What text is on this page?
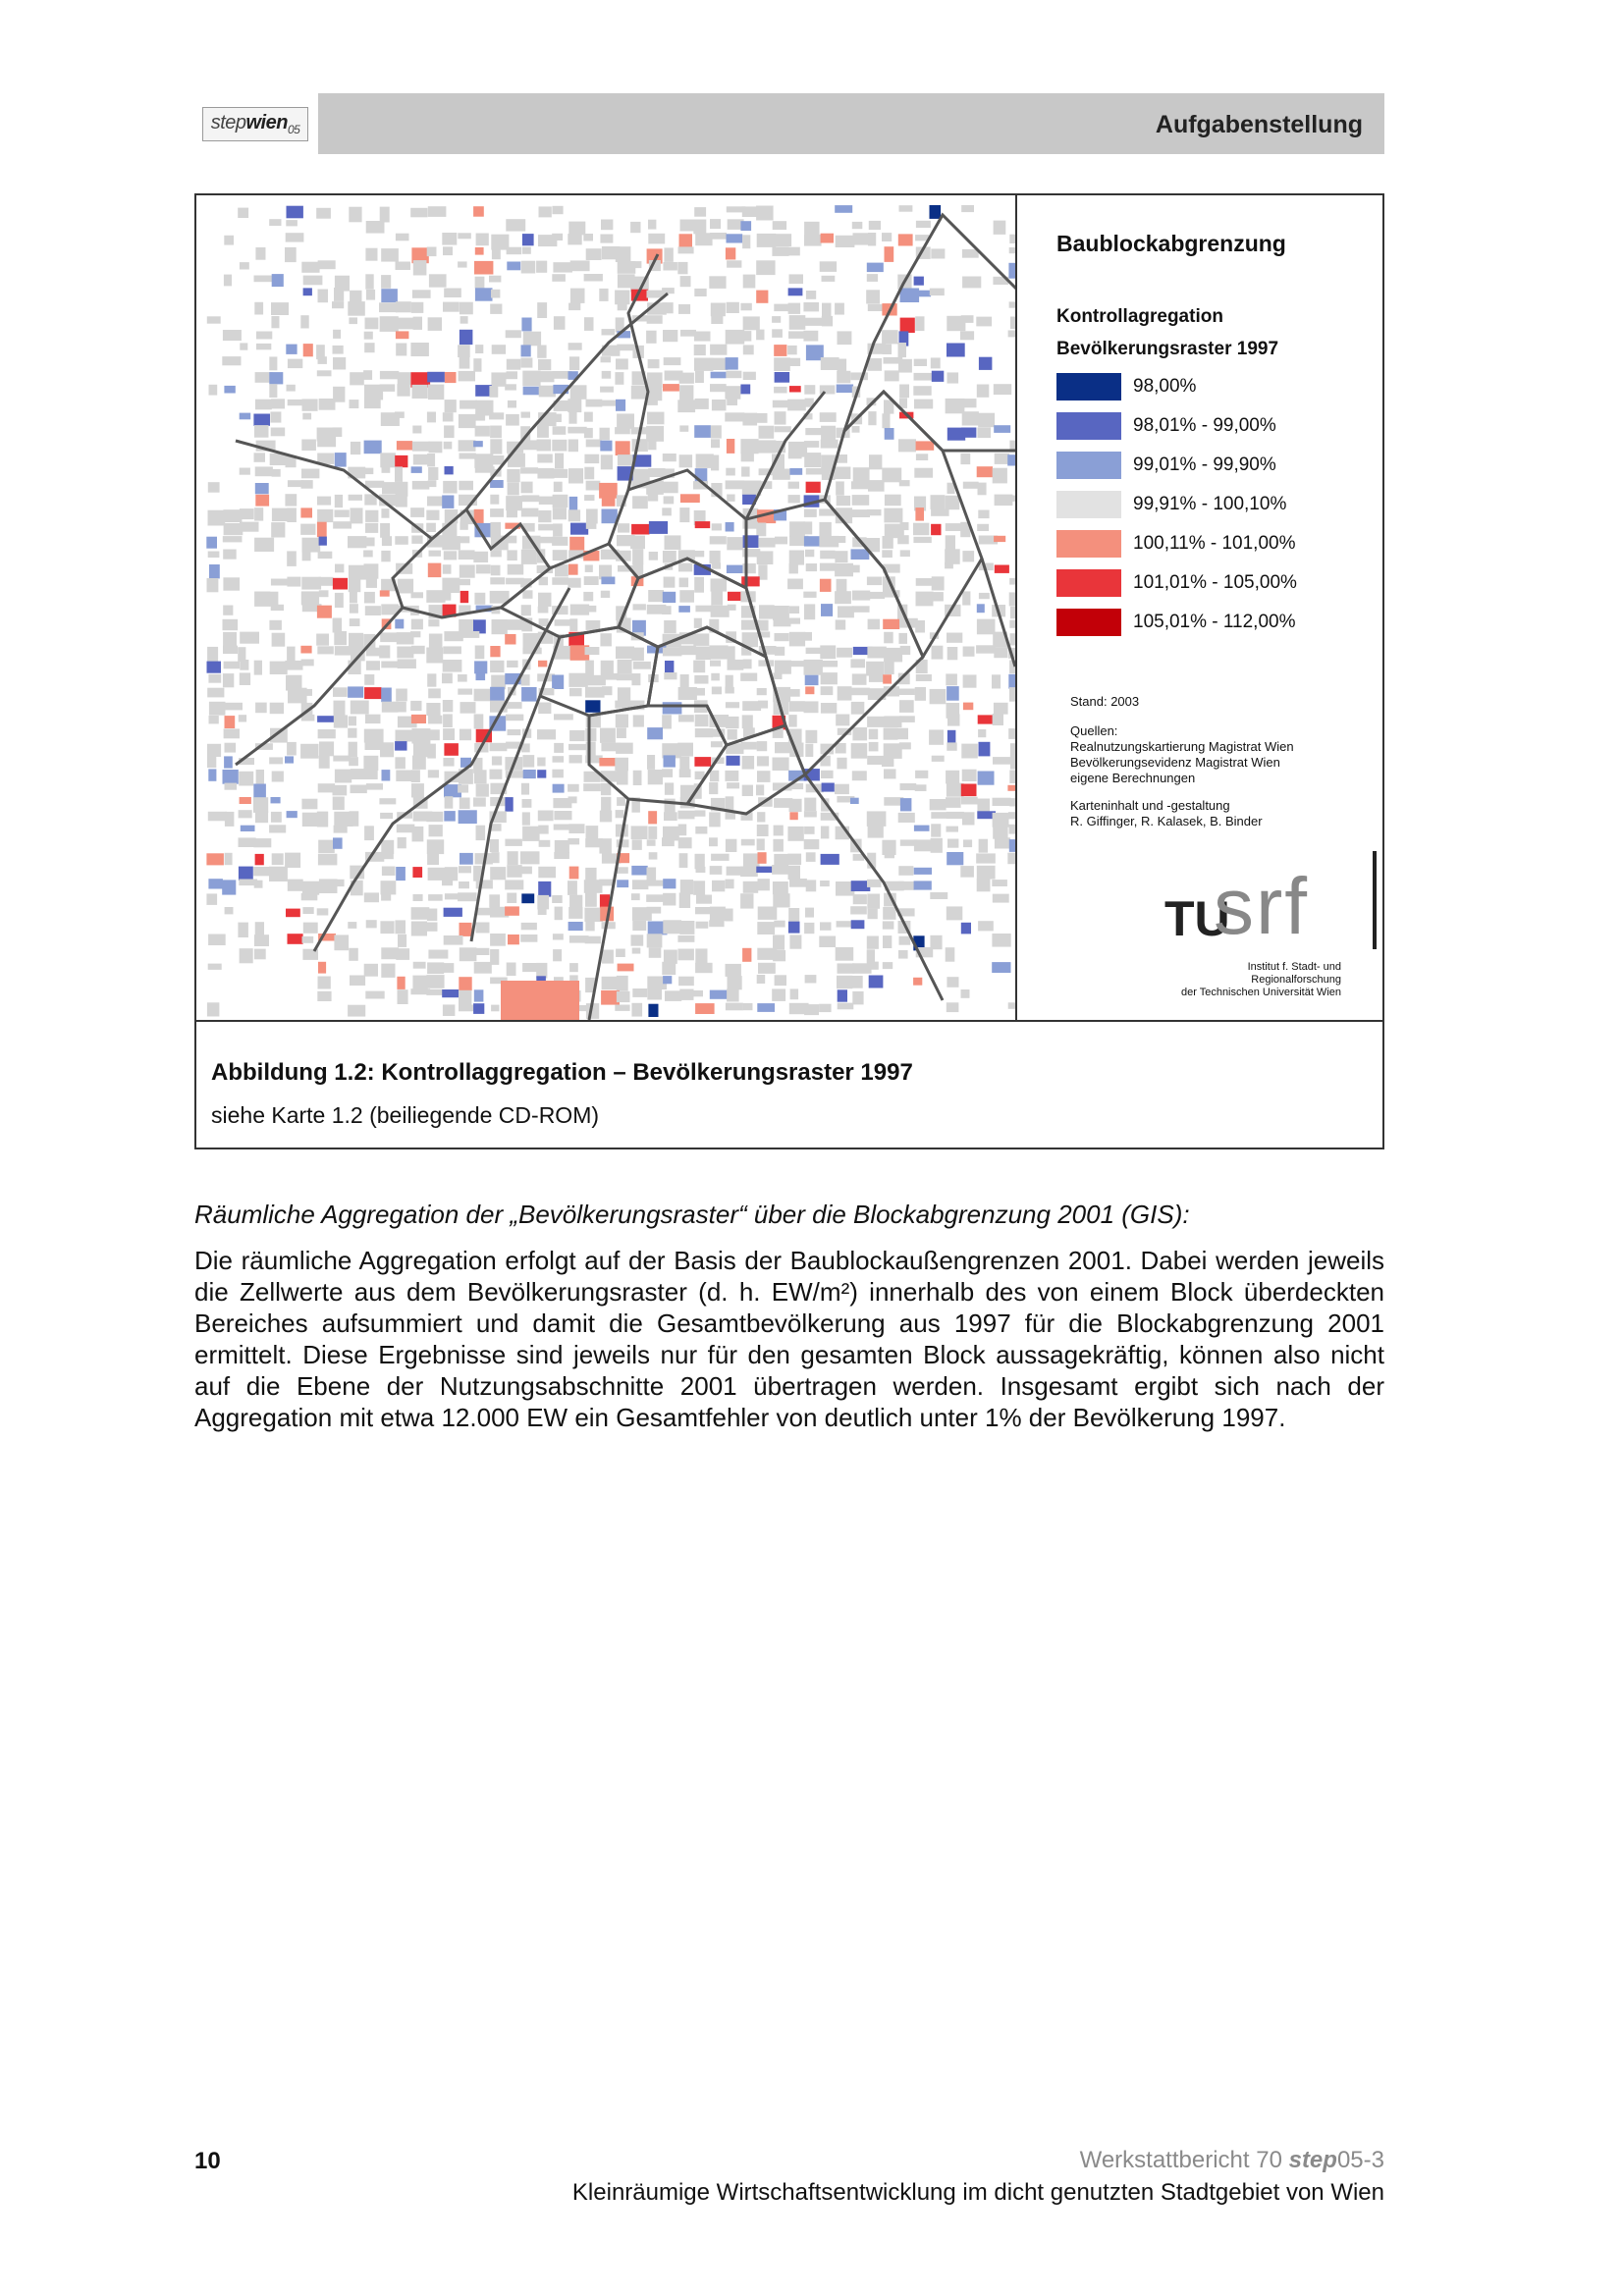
stepwien$_{05}$	Aufgabenstellung
Baublockabgrenzung
Kontrollagregation
Bevölkerungsraster 1997
98,00%
98,01% - 99,00%
99,01% - 99,90%
99,91% - 100,10%
100,11% - 101,00%
101,01% - 105,00%
105,01% - 112,00%
Stand: 2003
Quellen:
Realnutzungskartierung Magistrat Wien
Bevölkerungsevidenz Magistrat Wien
eigene Berechnungen
Karteninhalt und -gestaltung
R. Giffinger, R. Kalasek, B. Binder
TU
srf
Institut f. Stadt- und Regionalforschung
der Technischen Universität Wien
Abbildung 1.2: Kontrollaggregation – Bevölkerungsraster 1997
siehe Karte 1.2 (beiliegende CD-ROM)
Räumliche Aggregation der „Bevölkerungsraster“ über die Blockabgrenzung 2001 (GIS):
Die räumliche Aggregation erfolgt auf der Basis der Baublockaußengrenzen 2001. Dabei werden jeweils die Zellwerte aus dem Bevölkerungsraster (d. h. EW/m²) innerhalb des von einem Block überdeckten Bereiches aufsummiert und damit die Gesamtbevölkerung aus 1997 für die Blockabgrenzung 2001 ermittelt. Diese Ergebnisse sind jeweils nur für den gesamten Block aussagekräftig, können also nicht auf die Ebene der Nutzungsabschnitte 2001 übertragen werden. Insgesamt ergibt sich nach der Aggregation mit etwa 12.000 EW ein Gesamtfehler von deutlich unter 1% der Bevölkerung 1997.
10	Werkstattbericht 70 step05-3
Kleinräumige Wirtschaftsentwicklung im dicht genutzten Stadtgebiet von Wien
